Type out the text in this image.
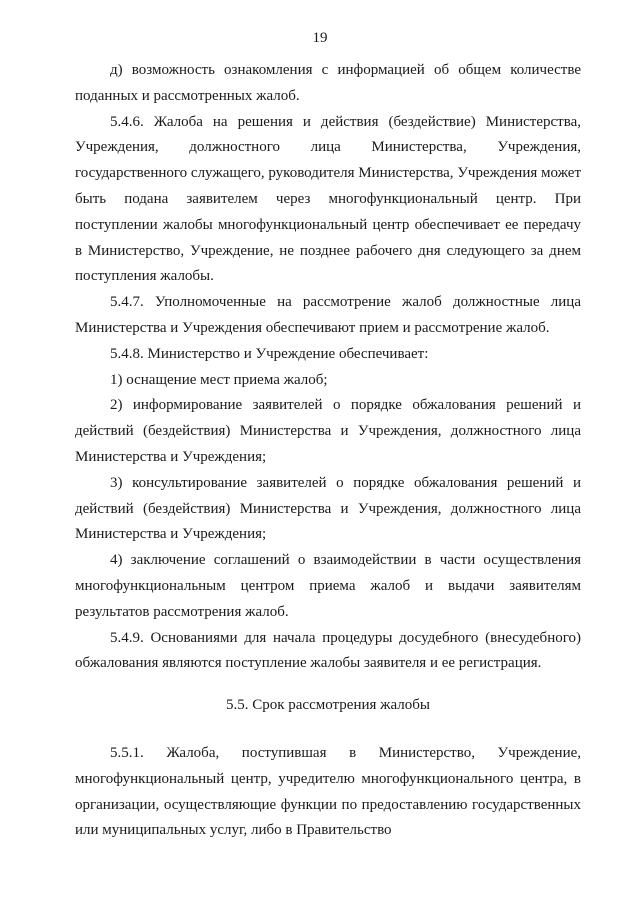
19

д) возможность ознакомления с информацией об общем количестве поданных и рассмотренных жалоб.

5.4.6. Жалоба на решения и действия (бездействие) Министерства, Учреждения, должностного лица Министерства, Учреждения, государственного служащего, руководителя Министерства, Учреждения может быть подана заявителем через многофункциональный центр. При поступлении жалобы многофункциональный центр обеспечивает ее передачу в Министерство, Учреждение, не позднее рабочего дня следующего за днем поступления жалобы.

5.4.7. Уполномоченные на рассмотрение жалоб должностные лица Министерства и Учреждения обеспечивают прием и рассмотрение жалоб.

5.4.8. Министерство и Учреждение обеспечивает:

1) оснащение мест приема жалоб;

2) информирование заявителей о порядке обжалования решений и действий (бездействия) Министерства и Учреждения, должностного лица Министерства и Учреждения;

3) консультирование заявителей о порядке обжалования решений и действий (бездействия) Министерства и Учреждения, должностного лица Министерства и Учреждения;

4) заключение соглашений о взаимодействии в части осуществления многофункциональным центром приема жалоб и выдачи заявителям результатов рассмотрения жалоб.

5.4.9. Основаниями для начала процедуры досудебного (внесудебного) обжалования являются поступление жалобы заявителя и ее регистрация.

5.5. Срок рассмотрения жалобы

5.5.1. Жалоба, поступившая в Министерство, Учреждение, многофункциональный центр, учредителю многофункционального центра, в организации, осуществляющие функции по предоставлению государственных или муниципальных услуг, либо в Правительство
